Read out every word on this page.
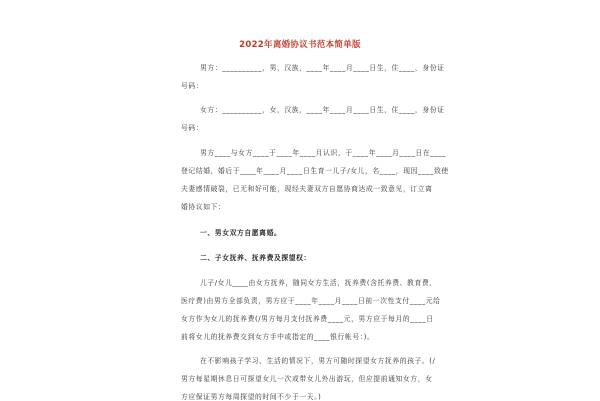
2022年离婚协议书范本简单版
男方：__________，男，汉族，____年____月____日生，住____，身份证
号码：
女方：__________，女，汉族，____年____月____日生，住____，身份证
号码：
男方____与女方____于____年____月认识，于____年____月____日在____
登记结婚，婚后于____年____月____日生育一儿子/女儿，名____，现因____致使
夫妻感情破裂，已无和好可能，现经夫妻双方自愿协商达成一致意见，订立离
婚协议如下：
一、男女双方自愿离婚。
二、子女抚养、抚养费及探望权：
儿子/女儿____由女方抚养，随同女方生活，抚养费(含托养费、教育费、
医疗费)由男方全部负责，男方应于____年____月____日前一次性支付____元给
女方作为女儿的抚养费(/男方每月支付抚养费____元，男方应于每月的____日
前将女儿的抚养费交到女方手中或指定的____银行帐号：)。
在不影响孩子学习、生活的情况下，男方可随时探望女方抚养的孩子。(/
男方每星期休息日可探望女儿一次或带女儿外出游玩，但应提前通知女方，女
方应保证男方每周探望的时间不少于一天。)
